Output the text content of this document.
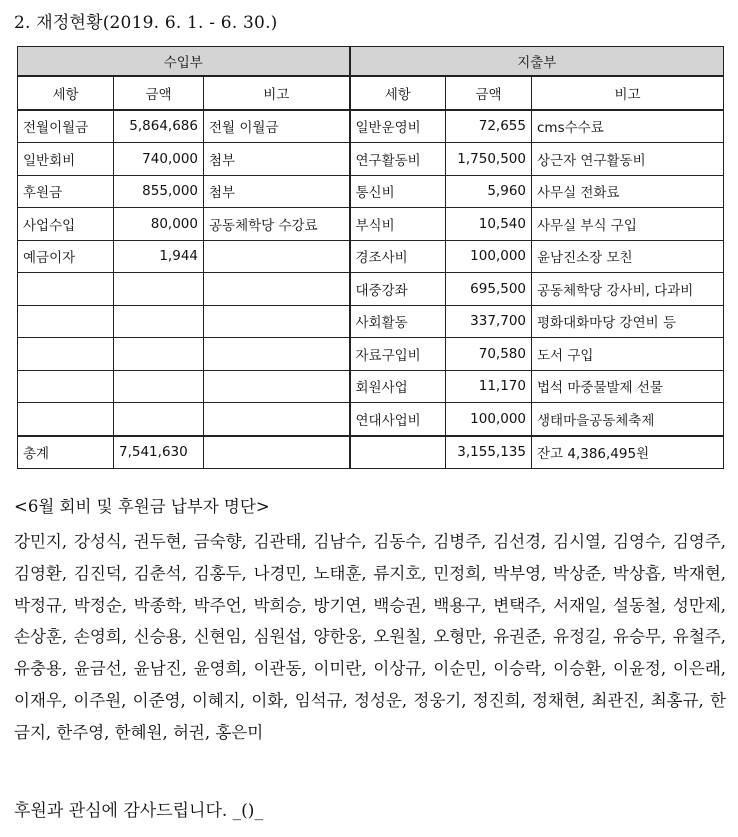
2. 재정현황(2019. 6. 1. - 6. 30.)
수입부			지출부		
세항	금액	비고	세항	금액	비고
전월이월금	5,864,686	전월 이월금	일반운영비	72,655	cms수수료
일반회비	740,000	첨부	연구활동비	1,750,500	상근자 연구활동비
후원금	855,000	첨부	통신비	5,960	사무실 전화료
사업수입	80,000	공동체학당 수강료	부식비	10,540	사무실 부식 구입
예금이자	1,944		경조사비	100,000	윤남진소장 모친
			대중강좌	695,500	공동체학당 강사비, 다과비
			사회활동	337,700	평화대화마당 강연비 등
			자료구입비	70,580	도서 구입
			회원사업	11,170	법석 마중물발제 선물
			연대사업비	100,000	생태마을공동체축제
총계	7,541,630			3,155,135	잔고 4,386,495원
<6월 회비 및 후원금 납부자 명단>
강민지, 강성식, 권두현, 금숙향, 김관태, 김남수, 김동수, 김병주, 김선경, 김시열, 김영수, 김영주, 김영환, 김진덕, 김춘석, 김홍두, 나경민, 노태훈, 류지호, 민정희, 박부영, 박상준, 박상흡, 박재현, 박정규, 박정순, 박종학, 박주언, 박희승, 방기연, 백승권, 백용구, 변택주, 서재일, 설동철, 성만제, 손상훈, 손영희, 신승용, 신현임, 심원섭, 양한웅, 오원칠, 오형만, 유권준, 유정길, 유승무, 유철주, 유충용, 윤금선, 윤남진, 윤영희, 이관동, 이미란, 이상규, 이순민, 이승락, 이승환, 이윤정, 이은래, 이재우, 이주원, 이준영, 이혜지, 이화, 임석규, 정성운, 정웅기, 정진희, 정채현, 최관진, 최홍규, 한금지, 한주영, 한혜원, 허권, 홍은미
후원과 관심에 감사드립니다. _()_
